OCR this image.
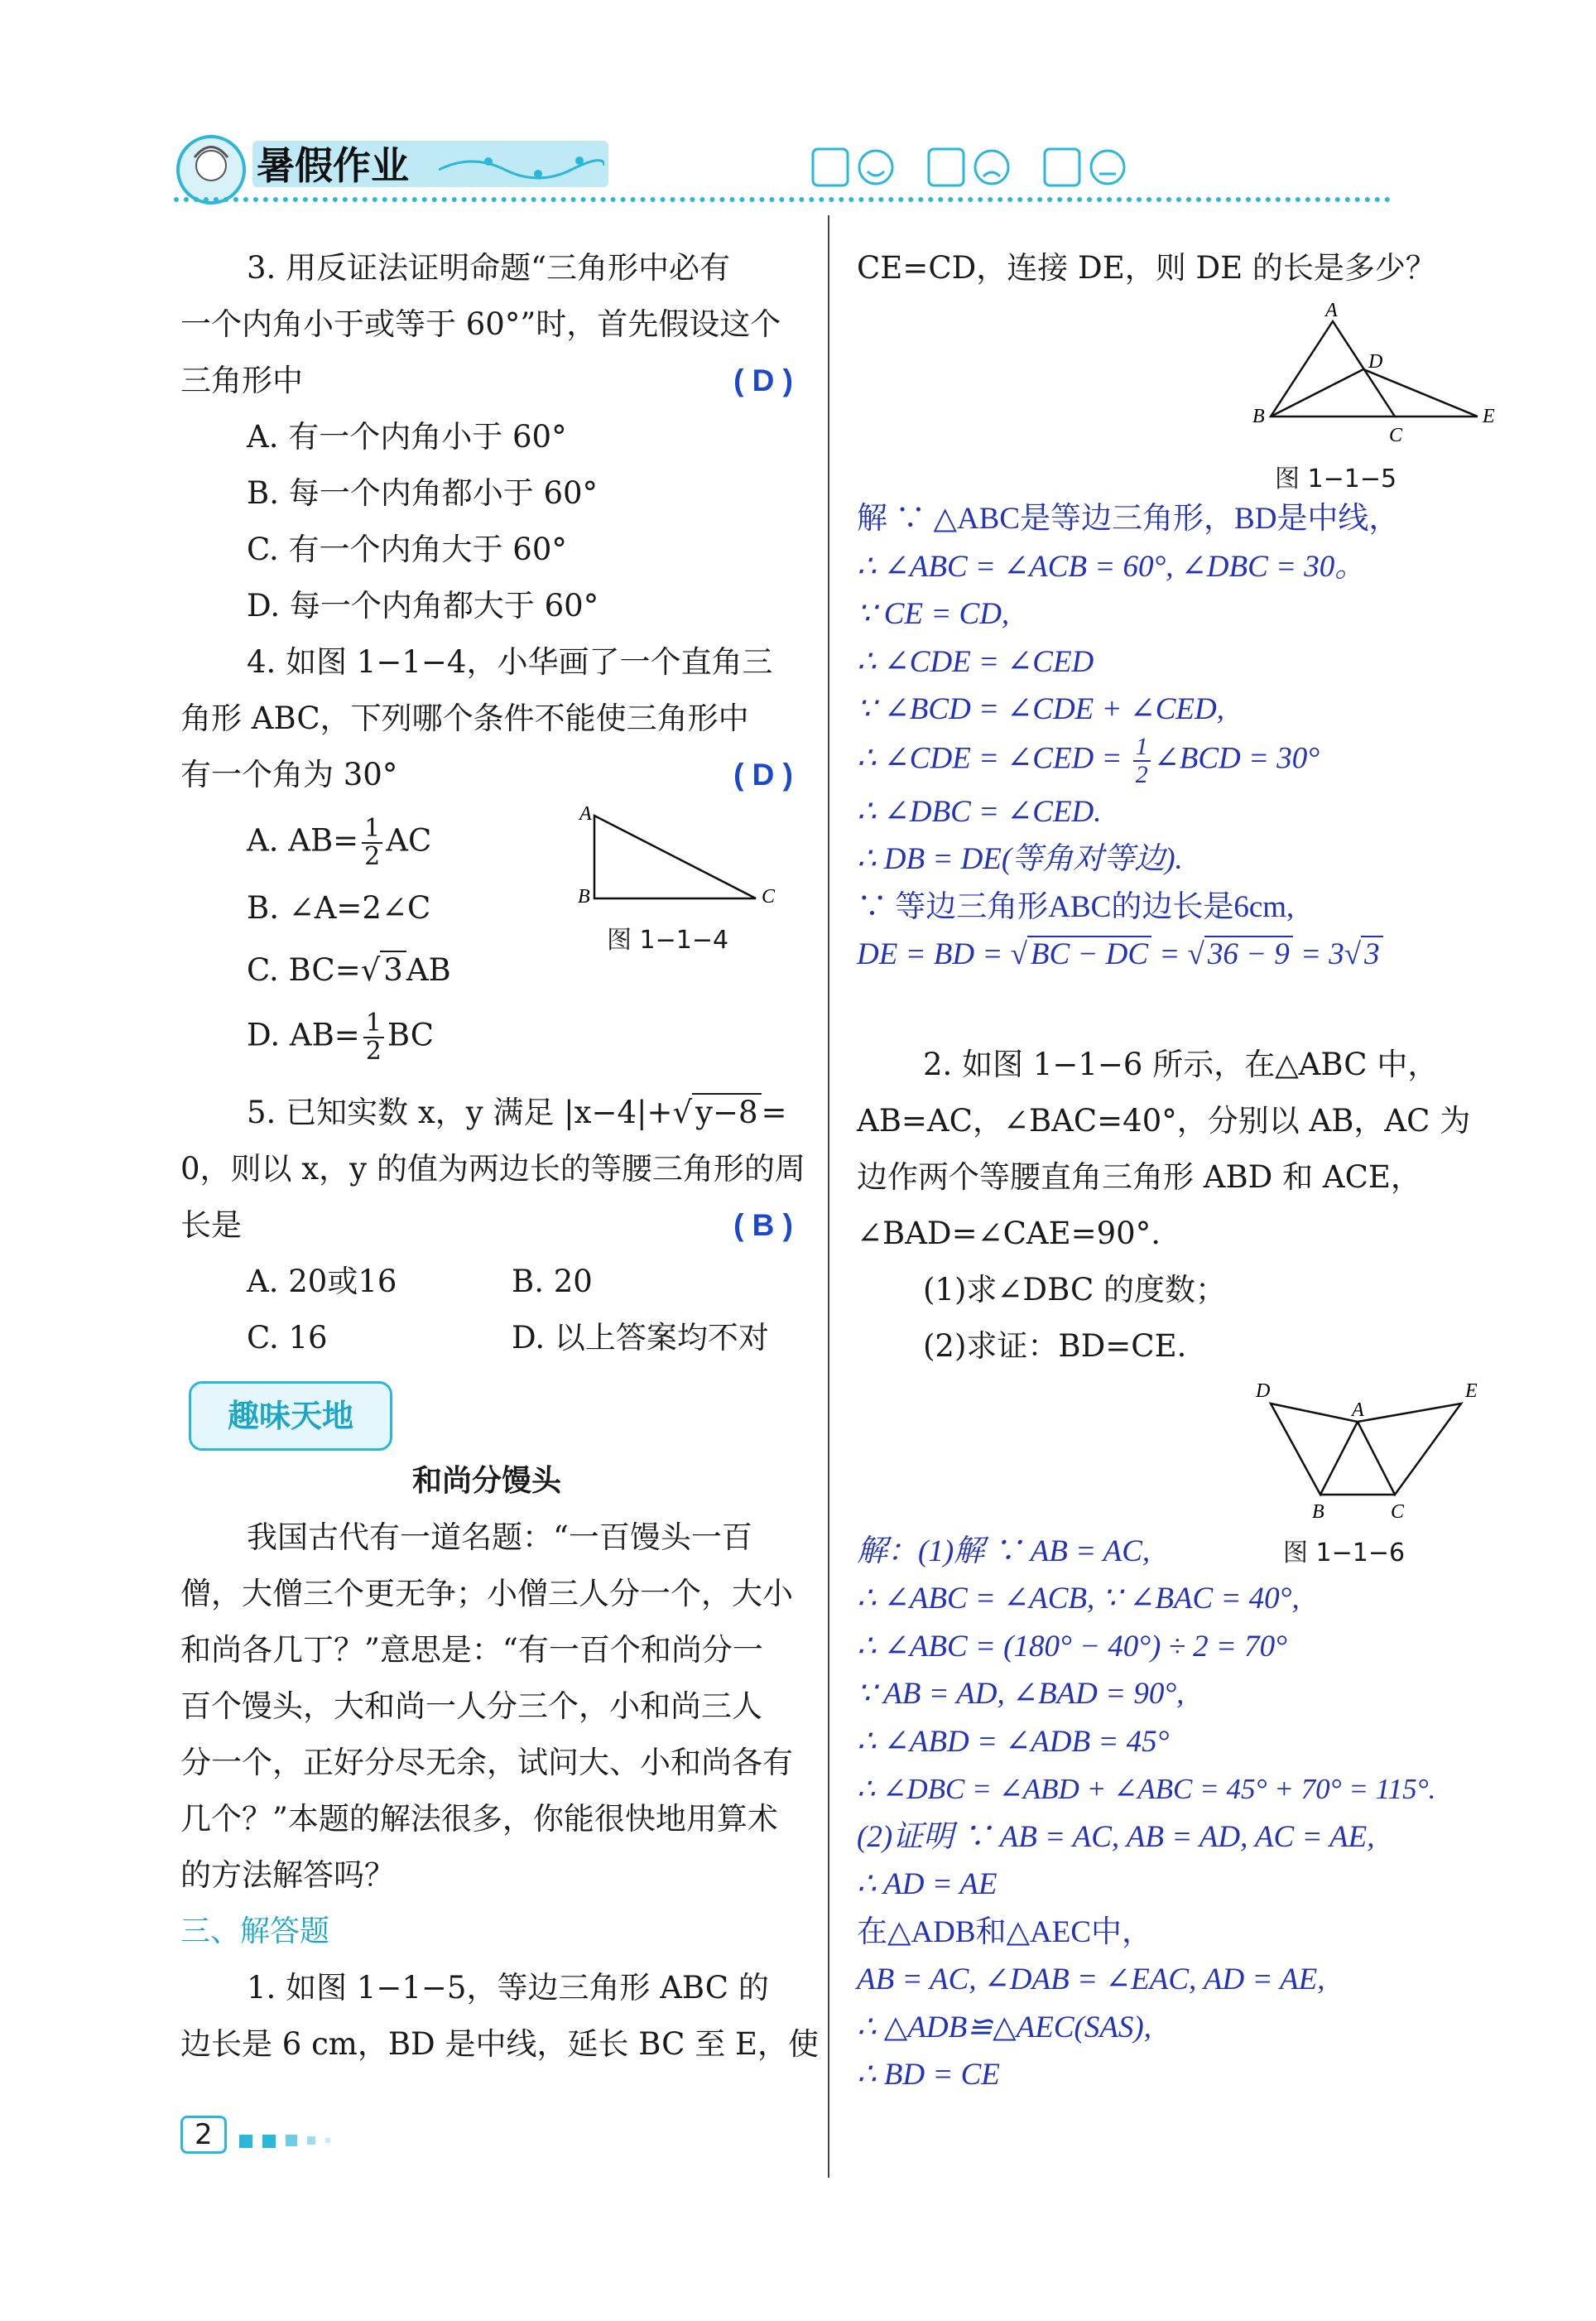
暑假作业
3. 用反证法证明命题“三角形中必有
一个内角小于或等于 60°”时，首先假设这个
三角形中	( D )
A. 有一个内角小于 60°
B. 每一个内角都小于 60°
C. 有一个内角大于 60°
D. 每一个内角都大于 60°
4. 如图 1−1−4，小华画了一个直角三
角形 ABC，下列哪个条件不能使三角形中
有一个角为 30°	( D )
A. $AB= \frac{1}{2}$ AC
B. ∠A=2∠C
C. BC=√ 3 AB
D. $AB= \frac{1}{2}$ BC
A
B	C
图 1−1−4
5. 已知实数 x，y 满足 |x−4|+√ y−8 =
0，则以 x，y 的值为两边长的等腰三角形的周
长是	( B )
A. 20或16	B. 20
C. 16	D. 以上答案均不对
趣味天地
和尚分馒头
我国古代有一道名题：“一百馒头一百
僧，大僧三个更无争；小僧三人分一个，大小
和尚各几丁？”意思是：“有一百个和尚分一
百个馒头，大和尚一人分三个，小和尚三人
分一个，正好分尽无余，试问大、小和尚各有
几个？”本题的解法很多，你能很快地用算术
的方法解答吗？
三、解答题
1. 如图 1−1−5，等边三角形 ABC 的
边长是 6 cm，BD 是中线，延长 BC 至 E，使
2
CE=CD，连接 DE，则 DE 的长是多少？
A
D
B
C
E
图 1−1−5
解 ∵ △ABC是等边三角形，BD是中线，
∴ ∠ABC = ∠ACB = 60°, ∠DBC = 30。
∵ CE = CD,
∴ ∠CDE = ∠CED
∵ ∠BCD = ∠CDE + ∠CED,
∴ ∠CDE = ∠CED = $\frac{1}{2}$ ∠BCD = 30°
∴ ∠DBC = ∠CED.
∴ DB = DE(等角对等边).
∵ 等边三角形ABC的边长是6cm,
DE = BD = √ BC − DC = √ 36 − 9 = 3√ 3
2. 如图 1−1−6 所示，在△ABC 中，
AB=AC，∠BAC=40°，分别以 AB，AC 为
边作两个等腰直角三角形 ABD 和 ACE，
∠BAD=∠CAE=90°.
(1)求∠DBC 的度数；
(2)求证：BD=CE.
D
A
E
B	C
图 1−1−6
解：(1)解 ∵ AB = AC,
∴ ∠ABC = ∠ACB, ∵ ∠BAC = 40°,
∴ ∠ABC = (180° − 40°) ÷ 2 = 70°
∵ AB = AD, ∠BAD = 90°,
∴ ∠ABD = ∠ADB = 45°
∴ ∠DBC = ∠ABD + ∠ABC = 45° + 70° = 115°.
(2)证明 ∵ AB = AC, AB = AD, AC = AE,
∴ AD = AE
在△ADB和△AEC中，
AB = AC, ∠DAB = ∠EAC, AD = AE,
∴ △ADB≌△AEC(SAS),
∴ BD = CE
